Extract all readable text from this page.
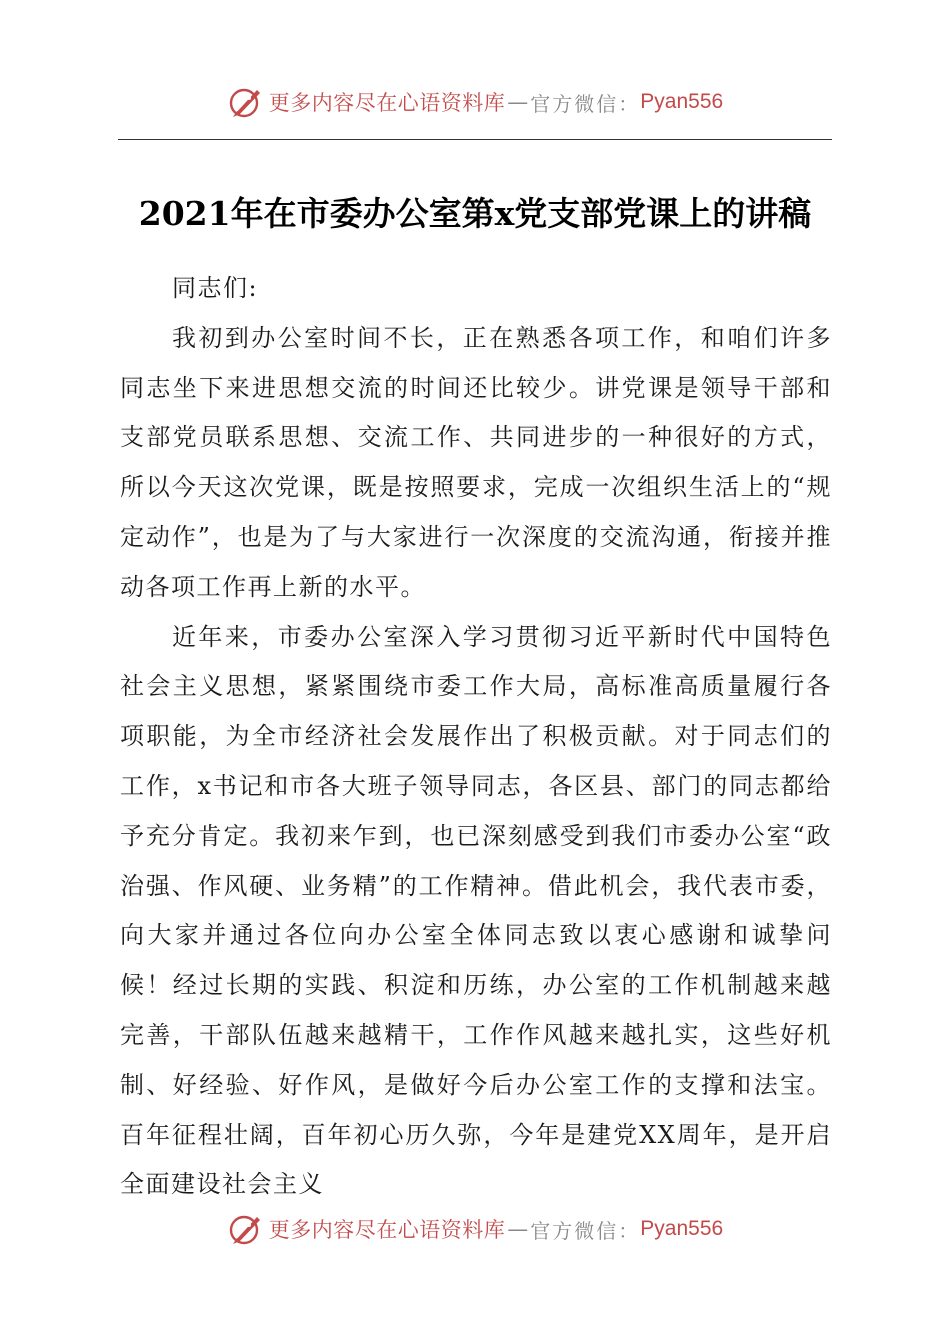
更多内容尽在心语资料库 — 官方微信： Pyan556
2021年在市委办公室第x党支部党课上的讲稿

同志们:

我初到办公室时间不长，正在熟悉各项工作，和咱们许多同志坐下来进思想交流的时间还比较少。讲党课是领导干部和支部党员联系思想、交流工作、共同进步的一种很好的方式，所以今天这次党课，既是按照要求，完成一次组织生活上的“规定动作”，也是为了与大家进行一次深度的交流沟通，衔接并推动各项工作再上新的水平。

近年来，市委办公室深入学习贯彻习近平新时代中国特色社会主义思想，紧紧围绕市委工作大局，高标准高质量履行各项职能，为全市经济社会发展作出了积极贡献。对于同志们的工作，x书记和市各大班子领导同志，各区县、部门的同志都给予充分肯定。我初来乍到，也已深刻感受到我们市委办公室“政治强、作风硬、业务精”的工作精神。借此机会，我代表市委，向大家并通过各位向办公室全体同志致以衷心感谢和诚挚问候！经过长期的实践、积淀和历练，办公室的工作机制越来越完善，干部队伍越来越精干，工作作风越来越扎实，这些好机制、好经验、好作风，是做好今后办公室工作的支撑和法宝。百年征程壮阔，百年初心历久弥，今年是建党XX周年，是开启全面建设社会主义

更多内容尽在心语资料库 — 官方微信： Pyan556
